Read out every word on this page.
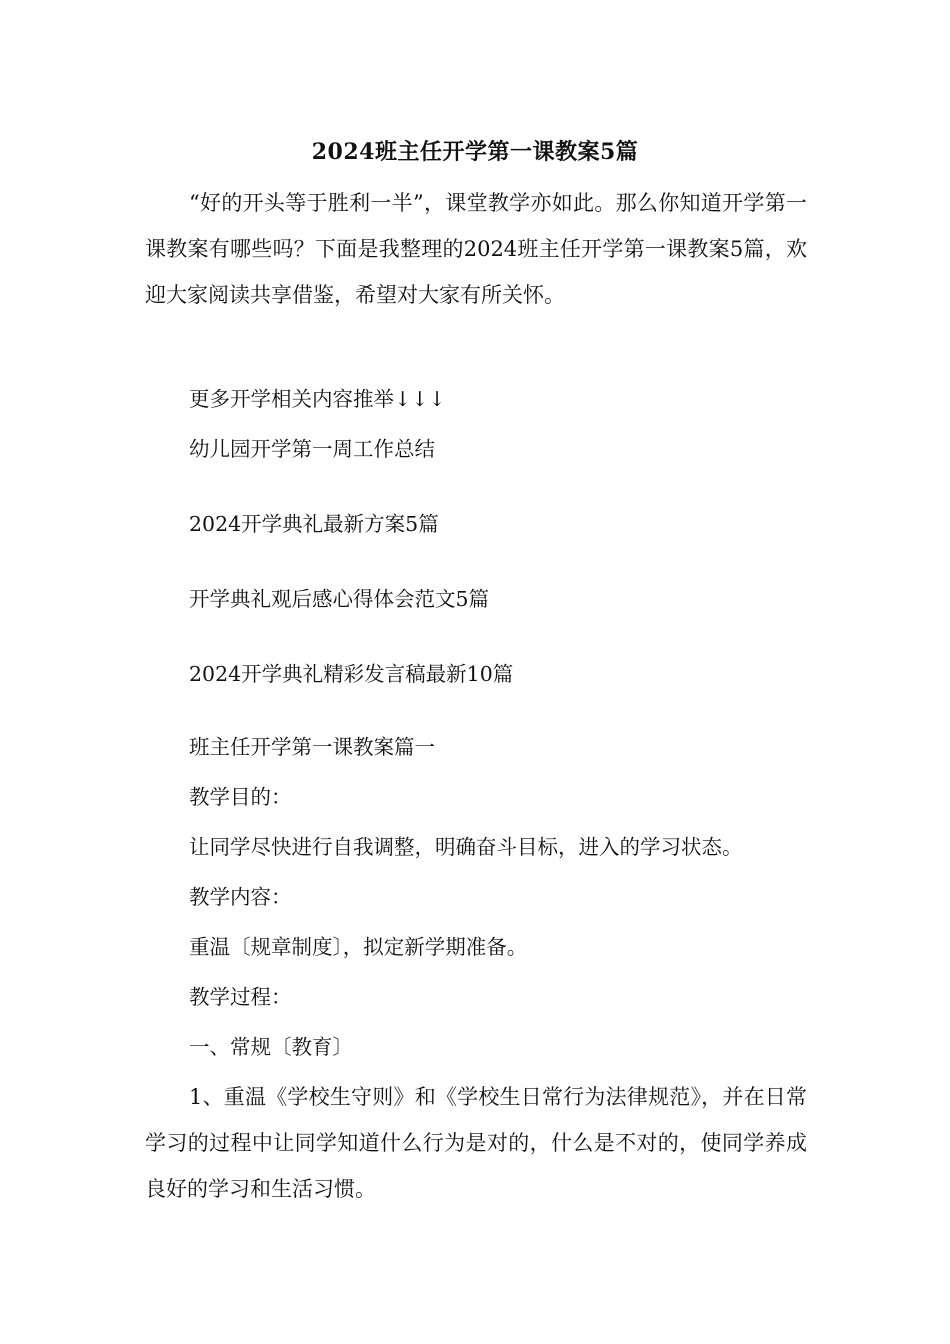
2024班主任开学第一课教案5篇

“好的开头等于胜利一半”，课堂教学亦如此。那么你知道开学第一课教案有哪些吗？下面是我整理的2024班主任开学第一课教案5篇，欢迎大家阅读共享借鉴，希望对大家有所关怀。

更多开学相关内容推举↓↓↓

幼儿园开学第一周工作总结

2024开学典礼最新方案5篇

开学典礼观后感心得体会范文5篇

2024开学典礼精彩发言稿最新10篇

班主任开学第一课教案篇一

教学目的：

让同学尽快进行自我调整，明确奋斗目标，进入的学习状态。

教学内容：

重温〔规章制度〕，拟定新学期准备。

教学过程：

一、常规〔教育〕

1、重温《学校生守则》和《学校生日常行为法律规范》，并在日常学习的过程中让同学知道什么行为是对的，什么是不对的，使同学养成良好的学习和生活习惯。
